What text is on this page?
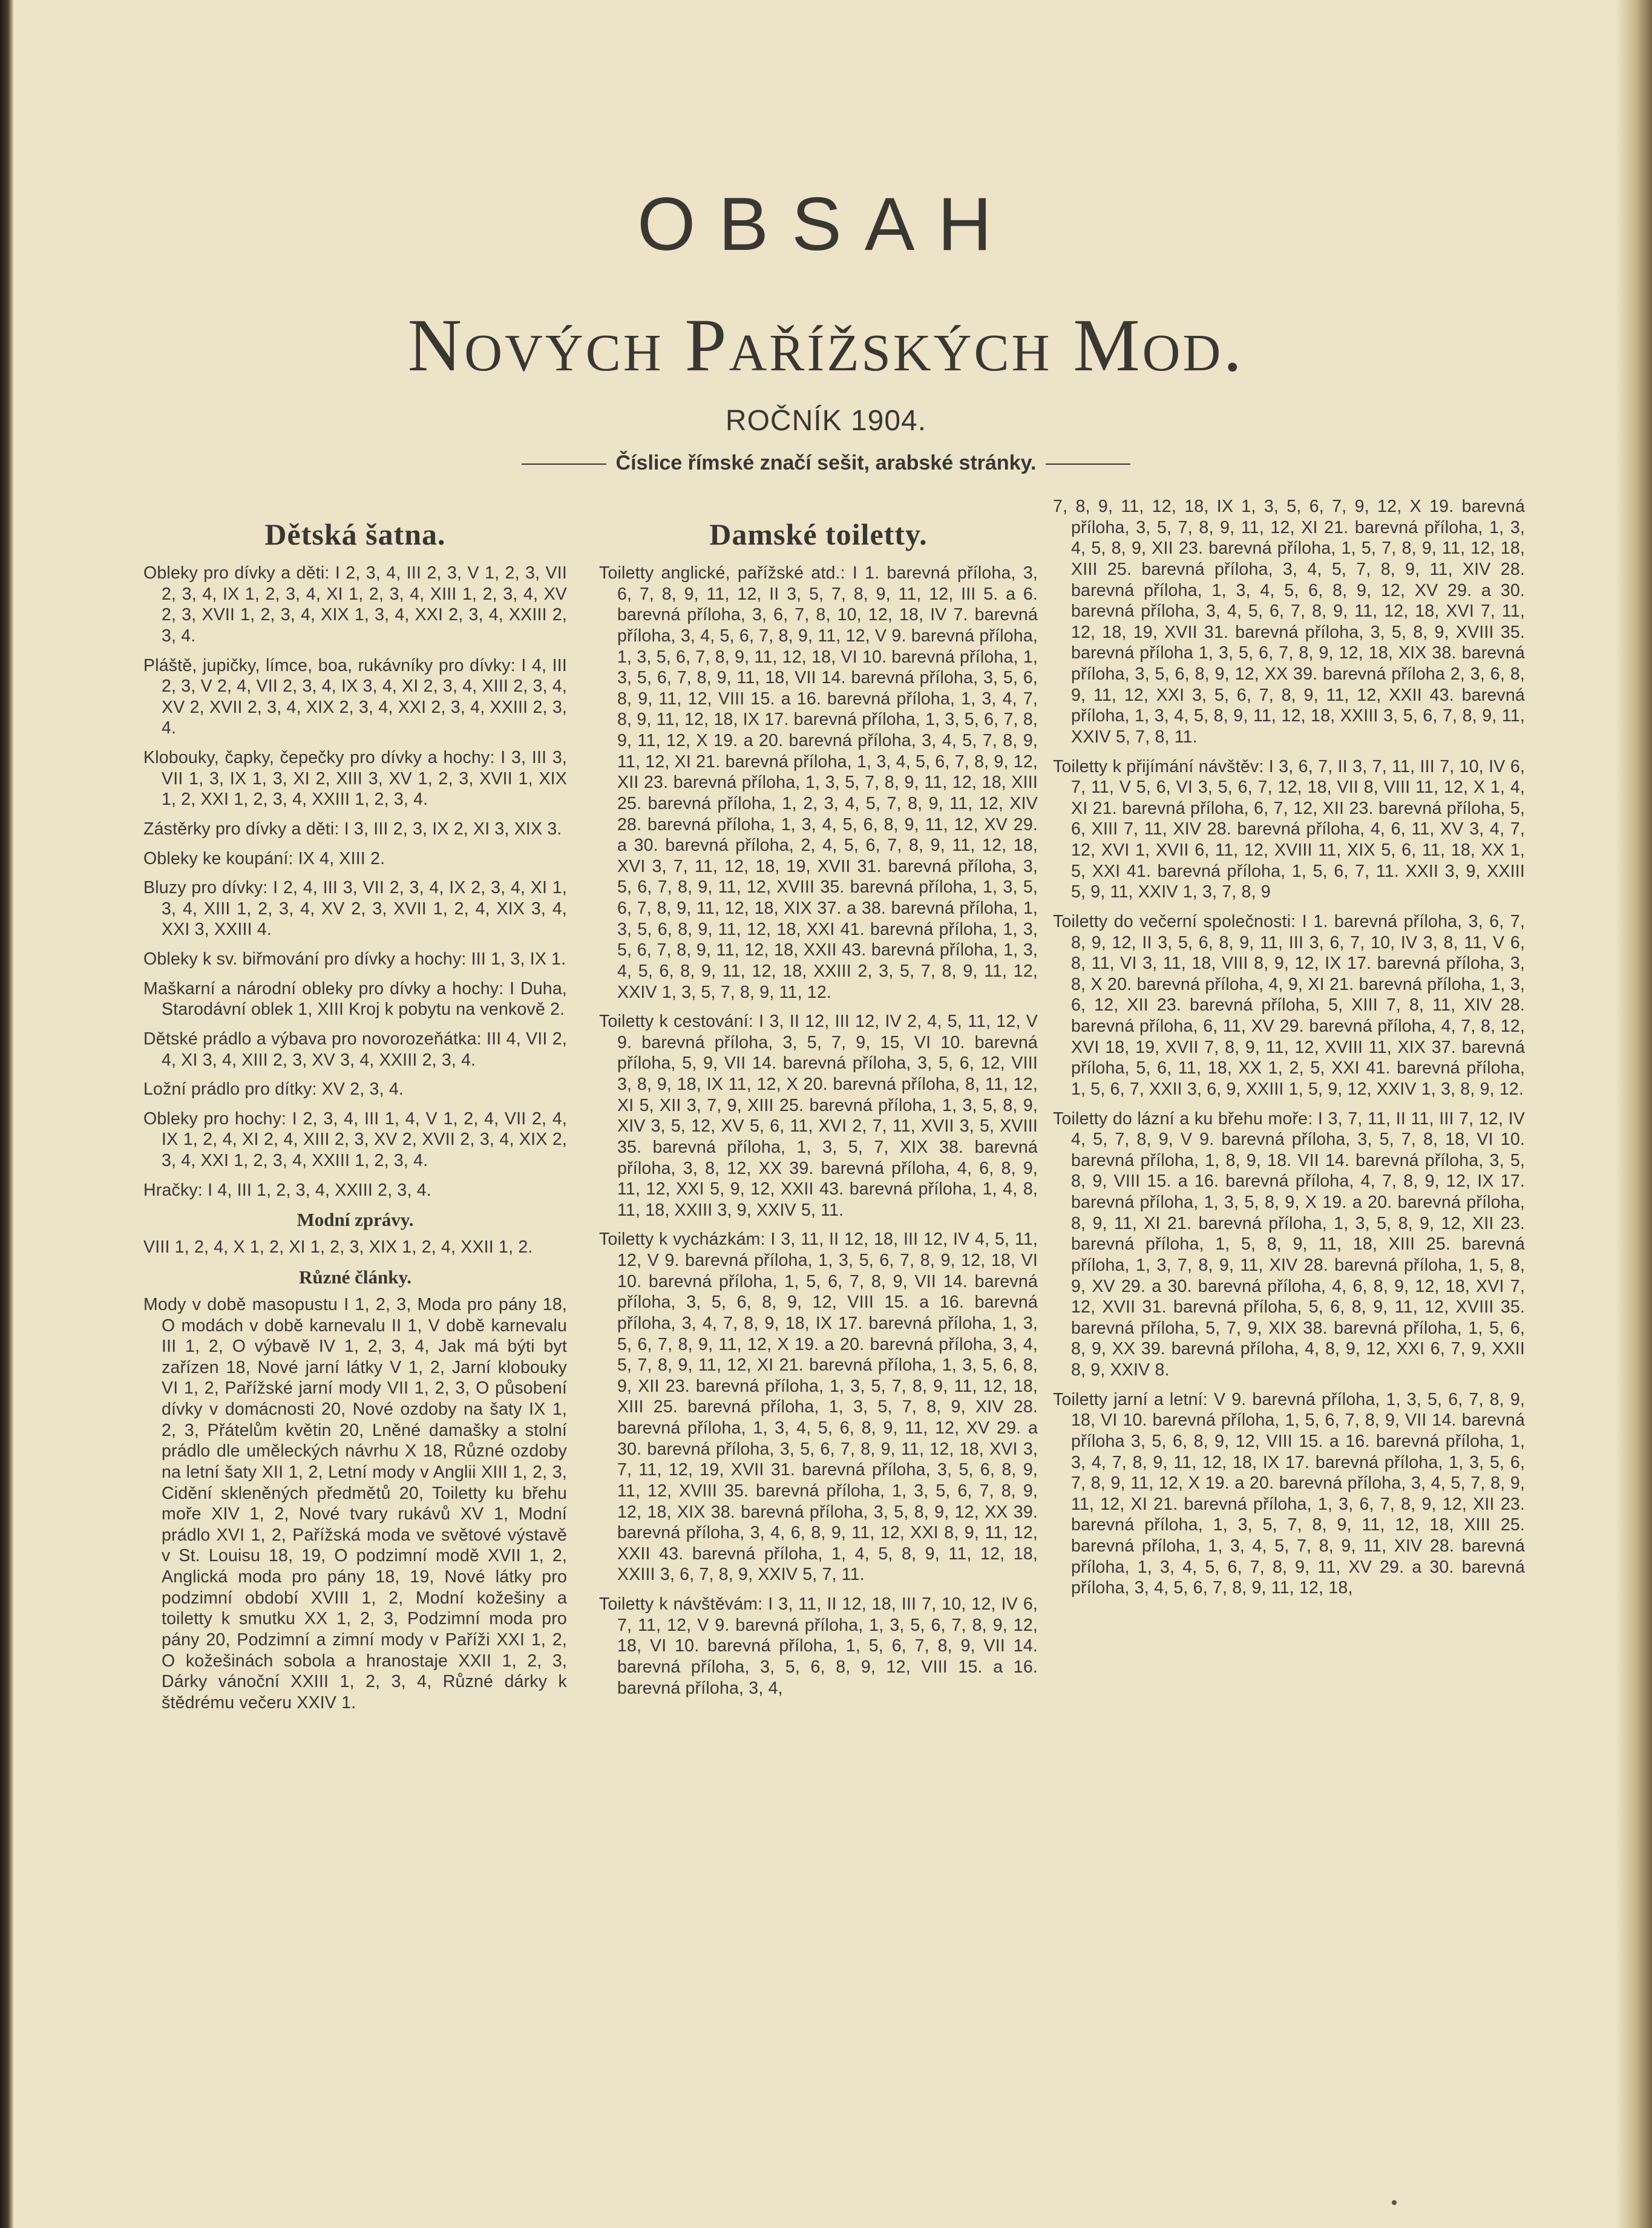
OBSAH
Nových Pařížských Mod.
ROČNÍK 1904.
Číslice římské značí sešit, arabské stránky.
Dětská šatna.

Obleky pro dívky a děti: I 2, 3, 4, III 2, 3, V 1, 2, 3, VII 2, 3, 4, IX 1, 2, 3, 4, XI 1, 2, 3, 4, XIII 1, 2, 3, 4, XV 2, 3, XVII 1, 2, 3, 4, XIX 1, 3, 4, XXI 2, 3, 4, XXIII 2, 3, 4.

Pláště, jupičky, límce, boa, rukávníky pro dívky: I 4, III 2, 3, V 2, 4, VII 2, 3, 4, IX 3, 4, XI 2, 3, 4, XIII 2, 3, 4, XV 2, XVII 2, 3, 4, XIX 2, 3, 4, XXI 2, 3, 4, XXIII 2, 3, 4.

Klobouky, čapky, čepečky pro dívky a hochy: I 3, III 3, VII 1, 3, IX 1, 3, XI 2, XIII 3, XV 1, 2, 3, XVII 1, XIX 1, 2, XXI 1, 2, 3, 4, XXIII 1, 2, 3, 4.

Zástěrky pro dívky a děti: I 3, III 2, 3, IX 2, XI 3, XIX 3.

Obleky ke koupání: IX 4, XIII 2.

Bluzy pro dívky: I 2, 4, III 3, VII 2, 3, 4, IX 2, 3, 4, XI 1, 3, 4, XIII 1, 2, 3, 4, XV 2, 3, XVII 1, 2, 4, XIX 3, 4, XXI 3, XXIII 4.

Obleky k sv. biřmování pro dívky a hochy: III 1, 3, IX 1.

Maškarní a národní obleky pro dívky a hochy: I Duha, Starodávní oblek 1, XIII Kroj k pobytu na venkově 2.

Dětské prádlo a výbava pro novorozeňátka: III 4, VII 2, 4, XI 3, 4, XIII 2, 3, XV 3, 4, XXIII 2, 3, 4.

Ložní prádlo pro dítky: XV 2, 3, 4.

Obleky pro hochy: I 2, 3, 4, III 1, 4, V 1, 2, 4, VII 2, 4, IX 1, 2, 4, XI 2, 4, XIII 2, 3, XV 2, XVII 2, 3, 4, XIX 2, 3, 4, XXI 1, 2, 3, 4, XXIII 1, 2, 3, 4.

Hračky: I 4, III 1, 2, 3, 4, XXIII 2, 3, 4.

Modní zprávy.

VIII 1, 2, 4, X 1, 2, XI 1, 2, 3, XIX 1, 2, 4, XXII 1, 2.

Různé články.

Mody v době masopustu I 1, 2, 3, Moda pro pány 18, O modách v době karnevalu II 1, V době karnevalu III 1, 2, O výbavě IV 1, 2, 3, 4, Jak má býti byt zařízen 18, Nové jarní látky V 1, 2, Jarní klobouky VI 1, 2, Pařížské jarní mody VII 1, 2, 3, O působení dívky v domácnosti 20, Nové ozdoby na šaty IX 1, 2, 3, Přátelům květin 20, Lněné damašky a stolní prádlo dle uměleckých návrhu X 18, Různé ozdoby na letní šaty XII 1, 2, Letní mody v Anglii XIII 1, 2, 3, Cidění skleněných předmětů 20, Toiletty ku břehu moře XIV 1, 2, Nové tvary rukávů XV 1, Modní prádlo XVI 1, 2, Pařížská moda ve světové výstavě v St. Louisu 18, 19, O podzimní modě XVII 1, 2, Anglická moda pro pány 18, 19, Nové látky pro podzimní období XVIII 1, 2, Modní kožešiny a toiletty k smutku XX 1, 2, 3, Podzimní moda pro pány 20, Podzimní a zimní mody v Paříži XXI 1, 2, O kožešinách sobola a hranostaje XXII 1, 2, 3, Dárky vánoční XXIII 1, 2, 3, 4, Různé dárky k štědrému večeru XXIV 1.

Damské toiletty.

Toiletty anglické, pařížské atd.: I 1. barevná příloha, 3, 6, 7, 8, 9, 11, 12, II 3, 5, 7, 8, 9, 11, 12, III 5. a 6. barevná příloha, 3, 6, 7, 8, 10, 12, 18, IV 7. barevná příloha, 3, 4, 5, 6, 7, 8, 9, 11, 12, V 9. barevná příloha, 1, 3, 5, 6, 7, 8, 9, 11, 12, 18, VI 10. barevná příloha, 1, 3, 5, 6, 7, 8, 9, 11, 18, VII 14. barevná příloha, 3, 5, 6, 8, 9, 11, 12, VIII 15. a 16. barevná příloha, 1, 3, 4, 7, 8, 9, 11, 12, 18, IX 17. barevná příloha, 1, 3, 5, 6, 7, 8, 9, 11, 12, X 19. a 20. barevná příloha, 3, 4, 5, 7, 8, 9, 11, 12, XI 21. barevná příloha, 1, 3, 4, 5, 6, 7, 8, 9, 12, XII 23. barevná příloha, 1, 3, 5, 7, 8, 9, 11, 12, 18, XIII 25. barevná příloha, 1, 2, 3, 4, 5, 7, 8, 9, 11, 12, XIV 28. barevná příloha, 1, 3, 4, 5, 6, 8, 9, 11, 12, XV 29. a 30. barevná příloha, 2, 4, 5, 6, 7, 8, 9, 11, 12, 18, XVI 3, 7, 11, 12, 18, 19, XVII 31. barevná příloha, 3, 5, 6, 7, 8, 9, 11, 12, XVIII 35. barevná příloha, 1, 3, 5, 6, 7, 8, 9, 11, 12, 18, XIX 37. a 38. barevná příloha, 1, 3, 5, 6, 8, 9, 11, 12, 18, XXI 41. barevná příloha, 1, 3, 5, 6, 7, 8, 9, 11, 12, 18, XXII 43. barevná příloha, 1, 3, 4, 5, 6, 8, 9, 11, 12, 18, XXIII 2, 3, 5, 7, 8, 9, 11, 12, XXIV 1, 3, 5, 7, 8, 9, 11, 12.

Toiletty k cestování: I 3, II 12, III 12, IV 2, 4, 5, 11, 12, V 9. barevná příloha, 3, 5, 7, 9, 15, VI 10. barevná příloha, 5, 9, VII 14. barevná příloha, 3, 5, 6, 12, VIII 3, 8, 9, 18, IX 11, 12, X 20. barevná příloha, 8, 11, 12, XI 5, XII 3, 7, 9, XIII 25. barevná příloha, 1, 3, 5, 8, 9, XIV 3, 5, 12, XV 5, 6, 11, XVI 2, 7, 11, XVII 3, 5, XVIII 35. barevná příloha, 1, 3, 5, 7, XIX 38. barevná příloha, 3, 8, 12, XX 39. barevná příloha, 4, 6, 8, 9, 11, 12, XXI 5, 9, 12, XXII 43. barevná příloha, 1, 4, 8, 11, 18, XXIII 3, 9, XXIV 5, 11.

Toiletty k vycházkám: I 3, 11, II 12, 18, III 12, IV 4, 5, 11, 12, V 9. barevná příloha, 1, 3, 5, 6, 7, 8, 9, 12, 18, VI 10. barevná příloha, 1, 5, 6, 7, 8, 9, VII 14. barevná příloha, 3, 5, 6, 8, 9, 12, VIII 15. a 16. barevná příloha, 3, 4, 7, 8, 9, 18, IX 17. barevná příloha, 1, 3, 5, 6, 7, 8, 9, 11, 12, X 19. a 20. barevná příloha, 3, 4, 5, 7, 8, 9, 11, 12, XI 21. barevná příloha, 1, 3, 5, 6, 8, 9, XII 23. barevná příloha, 1, 3, 5, 7, 8, 9, 11, 12, 18, XIII 25. barevná příloha, 1, 3, 5, 7, 8, 9, XIV 28. barevná příloha, 1, 3, 4, 5, 6, 8, 9, 11, 12, XV 29. a 30. barevná příloha, 3, 5, 6, 7, 8, 9, 11, 12, 18, XVI 3, 7, 11, 12, 19, XVII 31. barevná příloha, 3, 5, 6, 8, 9, 11, 12, XVIII 35. barevná příloha, 1, 3, 5, 6, 7, 8, 9, 12, 18, XIX 38. barevná příloha, 3, 5, 8, 9, 12, XX 39. barevná příloha, 3, 4, 6, 8, 9, 11, 12, XXI 8, 9, 11, 12, XXII 43. barevná příloha, 1, 4, 5, 8, 9, 11, 12, 18, XXIII 3, 6, 7, 8, 9, XXIV 5, 7, 11.

Toiletty k návštěvám: I 3, 11, II 12, 18, III 7, 10, 12, IV 6, 7, 11, 12, V 9. barevná příloha, 1, 3, 5, 6, 7, 8, 9, 12, 18, VI 10. barevná příloha, 1, 5, 6, 7, 8, 9, VII 14. barevná příloha, 3, 5, 6, 8, 9, 12, VIII 15. a 16. barevná příloha, 3, 4,

7, 8, 9, 11, 12, 18, IX 1, 3, 5, 6, 7, 9, 12, X 19. barevná příloha, 3, 5, 7, 8, 9, 11, 12, XI 21. barevná příloha, 1, 3, 4, 5, 8, 9, XII 23. barevná příloha, 1, 5, 7, 8, 9, 11, 12, 18, XIII 25. barevná příloha, 3, 4, 5, 7, 8, 9, 11, XIV 28. barevná příloha, 1, 3, 4, 5, 6, 8, 9, 12, XV 29. a 30. barevná příloha, 3, 4, 5, 6, 7, 8, 9, 11, 12, 18, XVI 7, 11, 12, 18, 19, XVII 31. barevná příloha, 3, 5, 8, 9, XVIII 35. barevná příloha 1, 3, 5, 6, 7, 8, 9, 12, 18, XIX 38. barevná příloha, 3, 5, 6, 8, 9, 12, XX 39. barevná příloha 2, 3, 6, 8, 9, 11, 12, XXI 3, 5, 6, 7, 8, 9, 11, 12, XXII 43. barevná příloha, 1, 3, 4, 5, 8, 9, 11, 12, 18, XXIII 3, 5, 6, 7, 8, 9, 11, XXIV 5, 7, 8, 11.

Toiletty k přijímání návštěv: I 3, 6, 7, II 3, 7, 11, III 7, 10, IV 6, 7, 11, V 5, 6, VI 3, 5, 6, 7, 12, 18, VII 8, VIII 11, 12, X 1, 4, XI 21. barevná příloha, 6, 7, 12, XII 23. barevná příloha, 5, 6, XIII 7, 11, XIV 28. barevná příloha, 4, 6, 11, XV 3, 4, 7, 12, XVI 1, XVII 6, 11, 12, XVIII 11, XIX 5, 6, 11, 18, XX 1, 5, XXI 41. barevná příloha, 1, 5, 6, 7, 11. XXII 3, 9, XXIII 5, 9, 11, XXIV 1, 3, 7, 8, 9

Toiletty do večerní společnosti: I 1. barevná příloha, 3, 6, 7, 8, 9, 12, II 3, 5, 6, 8, 9, 11, III 3, 6, 7, 10, IV 3, 8, 11, V 6, 8, 11, VI 3, 11, 18, VIII 8, 9, 12, IX 17. barevná příloha, 3, 8, X 20. barevná příloha, 4, 9, XI 21. barevná příloha, 1, 3, 6, 12, XII 23. barevná příloha, 5, XIII 7, 8, 11, XIV 28. barevná příloha, 6, 11, XV 29. barevná příloha, 4, 7, 8, 12, XVI 18, 19, XVII 7, 8, 9, 11, 12, XVIII 11, XIX 37. barevná příloha, 5, 6, 11, 18, XX 1, 2, 5, XXI 41. barevná příloha, 1, 5, 6, 7, XXII 3, 6, 9, XXIII 1, 5, 9, 12, XXIV 1, 3, 8, 9, 12.

Toiletty do lázní a ku břehu moře: I 3, 7, 11, II 11, III 7, 12, IV 4, 5, 7, 8, 9, V 9. barevná příloha, 3, 5, 7, 8, 18, VI 10. barevná příloha, 1, 8, 9, 18. VII 14. barevná příloha, 3, 5, 8, 9, VIII 15. a 16. barevná příloha, 4, 7, 8, 9, 12, IX 17. barevná příloha, 1, 3, 5, 8, 9, X 19. a 20. barevná příloha, 8, 9, 11, XI 21. barevná příloha, 1, 3, 5, 8, 9, 12, XII 23. barevná příloha, 1, 5, 8, 9, 11, 18, XIII 25. barevná příloha, 1, 3, 7, 8, 9, 11, XIV 28. barevná příloha, 1, 5, 8, 9, XV 29. a 30. barevná příloha, 4, 6, 8, 9, 12, 18, XVI 7, 12, XVII 31. barevná příloha, 5, 6, 8, 9, 11, 12, XVIII 35. barevná příloha, 5, 7, 9, XIX 38. barevná příloha, 1, 5, 6, 8, 9, XX 39. barevná příloha, 4, 8, 9, 12, XXI 6, 7, 9, XXII 8, 9, XXIV 8.

Toiletty jarní a letní: V 9. barevná příloha, 1, 3, 5, 6, 7, 8, 9, 18, VI 10. barevná příloha, 1, 5, 6, 7, 8, 9, VII 14. barevná příloha 3, 5, 6, 8, 9, 12, VIII 15. a 16. barevná příloha, 1, 3, 4, 7, 8, 9, 11, 12, 18, IX 17. barevná příloha, 1, 3, 5, 6, 7, 8, 9, 11, 12, X 19. a 20. barevná příloha, 3, 4, 5, 7, 8, 9, 11, 12, XI 21. barevná příloha, 1, 3, 6, 7, 8, 9, 12, XII 23. barevná příloha, 1, 3, 5, 7, 8, 9, 11, 12, 18, XIII 25. barevná příloha, 1, 3, 4, 5, 7, 8, 9, 11, XIV 28. barevná příloha, 1, 3, 4, 5, 6, 7, 8, 9, 11, XV 29. a 30. barevná příloha, 3, 4, 5, 6, 7, 8, 9, 11, 12, 18,
